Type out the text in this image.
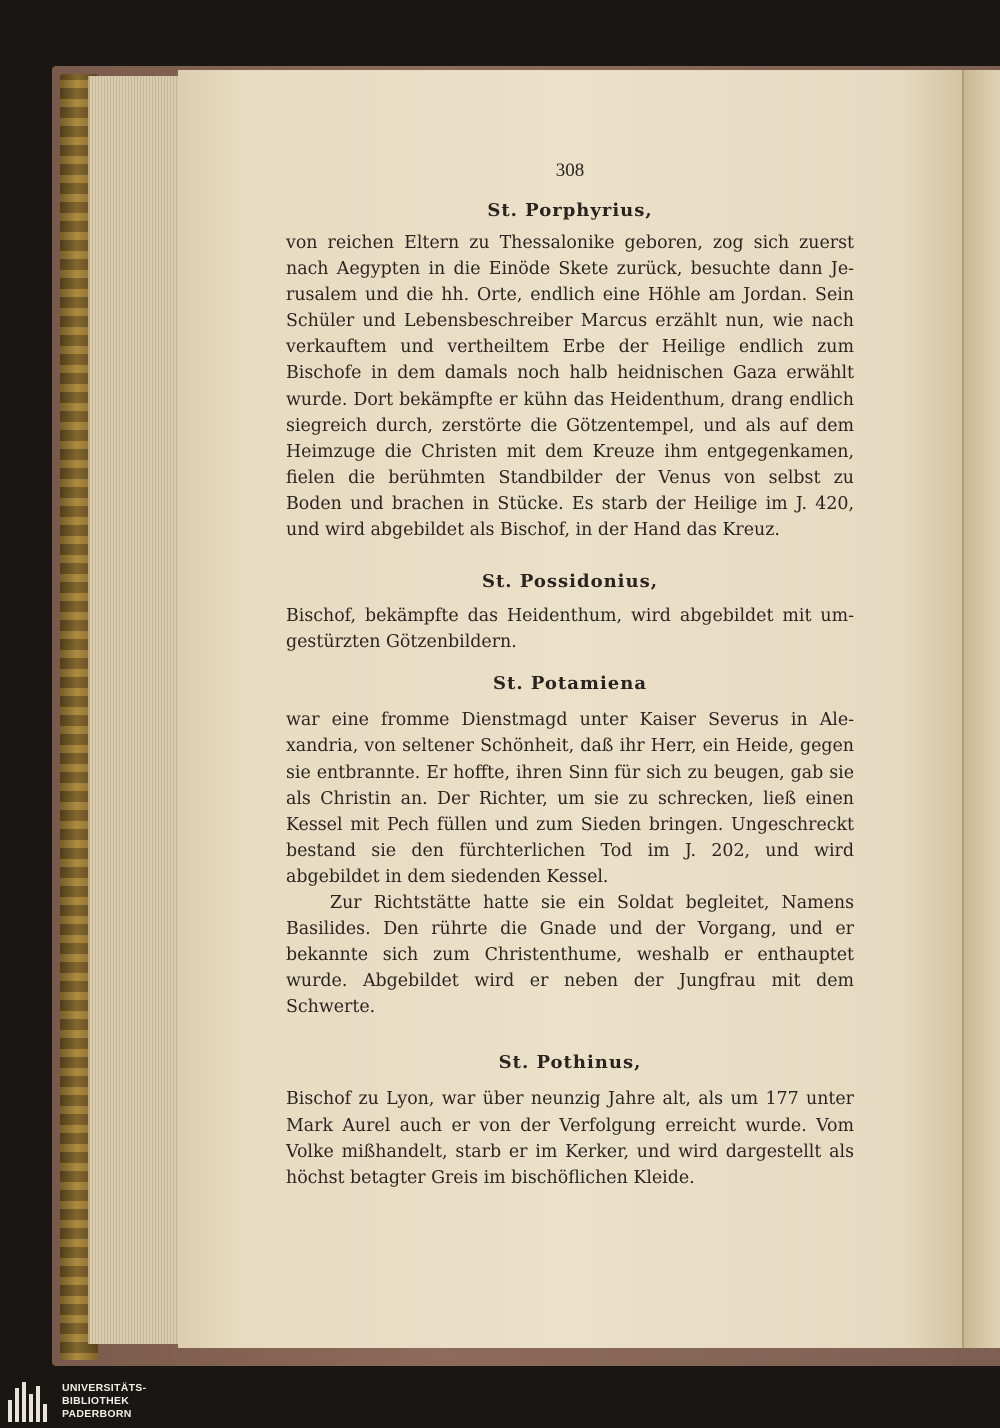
308
St. Porphyrius,

von reichen Eltern zu Thessalonike geboren, zog sich zuerst nach Aegypten in die Einöde Skete zurück, besuchte dann Jerusalem und die hh. Orte, endlich eine Höhle am Jordan. Sein Schüler und Lebensbeschreiber Marcus erzählt nun, wie nach verkauftem und vertheiltem Erbe der Heilige endlich zum Bischofe in dem damals noch halb heidnischen Gaza erwählt wurde. Dort bekämpfte er kühn das Heidenthum, drang endlich siegreich durch, zerstörte die Götzentempel, und als auf dem Heimzuge die Christen mit dem Kreuze ihm entgegenkamen, fielen die berühmten Standbilder der Venus von selbst zu Boden und brachen in Stücke. Es starb der Heilige im J. 420, und wird abgebildet als Bischof, in der Hand das Kreuz.

St. Possidonius,

Bischof, bekämpfte das Heidenthum, wird abgebildet mit umgestürzten Götzenbildern.

St. Potamiena

war eine fromme Dienstmagd unter Kaiser Severus in Alexandria, von seltener Schönheit, daß ihr Herr, ein Heide, gegen sie entbrannte. Er hoffte, ihren Sinn für sich zu beugen, gab sie als Christin an. Der Richter, um sie zu schrecken, ließ einen Kessel mit Pech füllen und zum Sieden bringen. Ungeschreckt bestand sie den fürchterlichen Tod im J. 202, und wird abgebildet in dem siedenden Kessel.

Zur Richtstätte hatte sie ein Soldat begleitet, Namens Basilides. Den rührte die Gnade und der Vorgang, und er bekannte sich zum Christenthume, weshalb er enthauptet wurde. Abgebildet wird er neben der Jungfrau mit dem Schwerte.

St. Pothinus,

Bischof zu Lyon, war über neunzig Jahre alt, als um 177 unter Mark Aurel auch er von der Verfolgung erreicht wurde. Vom Volke mißhandelt, starb er im Kerker, und wird dargestellt als höchst betagter Greis im bischöflichen Kleide.

UNIVERSITÄTS-
BIBLIOTHEK
PADERBORN
